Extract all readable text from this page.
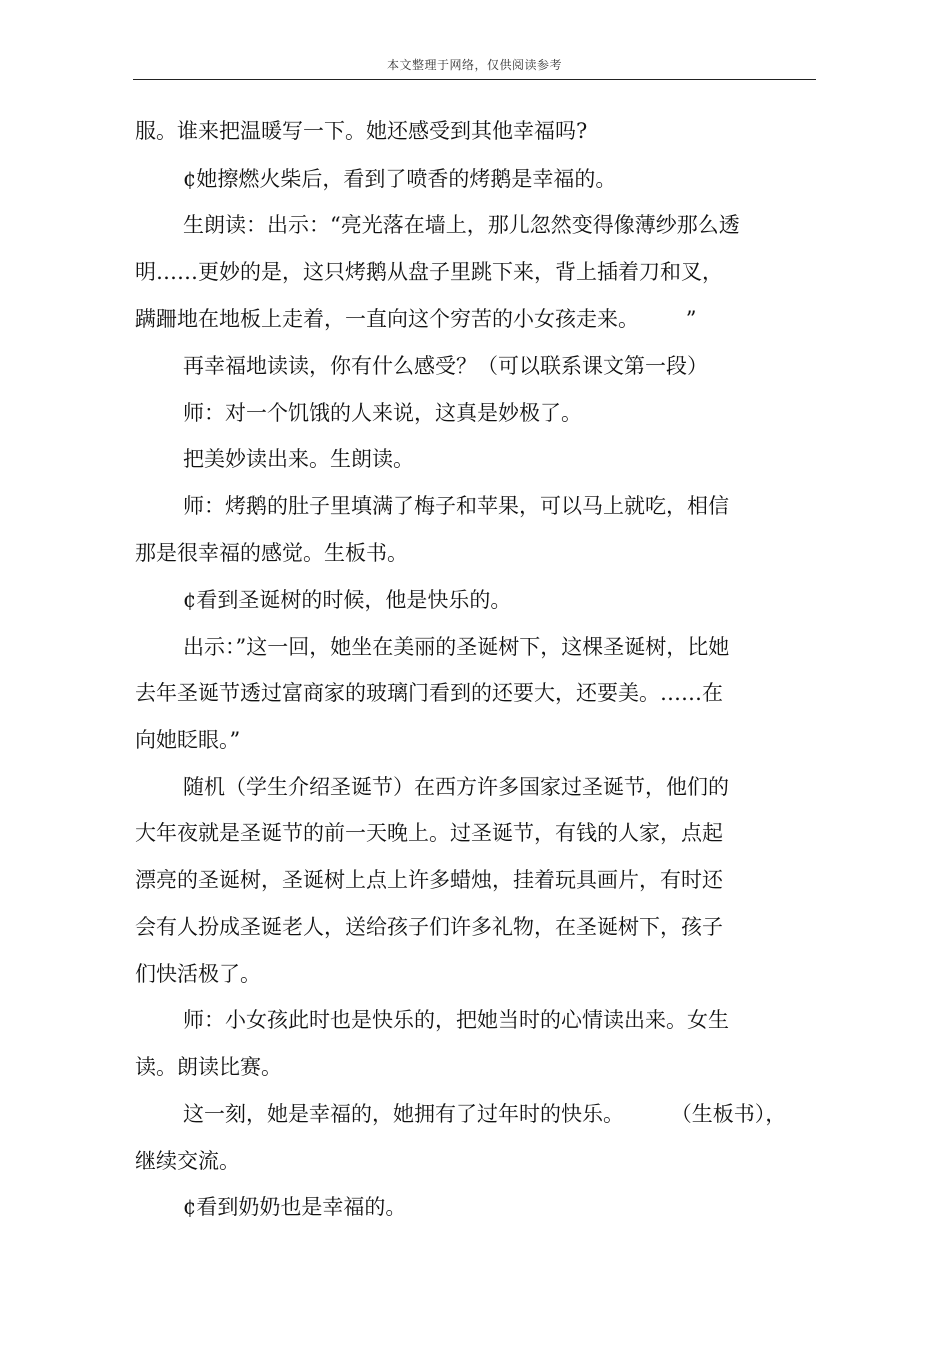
本文整理于网络，仅供阅读参考
服。谁来把温暖写一下。她还感受到其他幸福吗?
¢她擦燃火柴后，看到了喷香的烤鹅是幸福的。
生朗读：出示：“亮光落在墙上，那儿忽然变得像薄纱那么透
明……更妙的是，这只烤鹅从盘子里跳下来，背上插着刀和叉，
蹒跚地在地板上走着，一直向这个穷苦的小女孩走来。       ”
再幸福地读读，你有什么感受？（可以联系课文第一段）
师：对一个饥饿的人来说，这真是妙极了。
把美妙读出来。生朗读。
师：烤鹅的肚子里填满了梅子和苹果，可以马上就吃，相信
那是很幸福的感觉。生板书。
¢看到圣诞树的时候，他是快乐的。
出示：”这一回，她坐在美丽的圣诞树下，这棵圣诞树，比她
去年圣诞节透过富商家的玻璃门看到的还要大，还要美。……在
向她眨眼。”
随机（学生介绍圣诞节）在西方许多国家过圣诞节，他们的
大年夜就是圣诞节的前一天晚上。过圣诞节，有钱的人家，点起
漂亮的圣诞树，圣诞树上点上许多蜡烛，挂着玩具画片，有时还
会有人扮成圣诞老人，送给孩子们许多礼物，在圣诞树下，孩子
们快活极了。
师：小女孩此时也是快乐的，把她当时的心情读出来。女生
读。朗读比赛。
这一刻，她是幸福的，她拥有了过年时的快乐。       （生板书），
继续交流。
¢看到奶奶也是幸福的。
